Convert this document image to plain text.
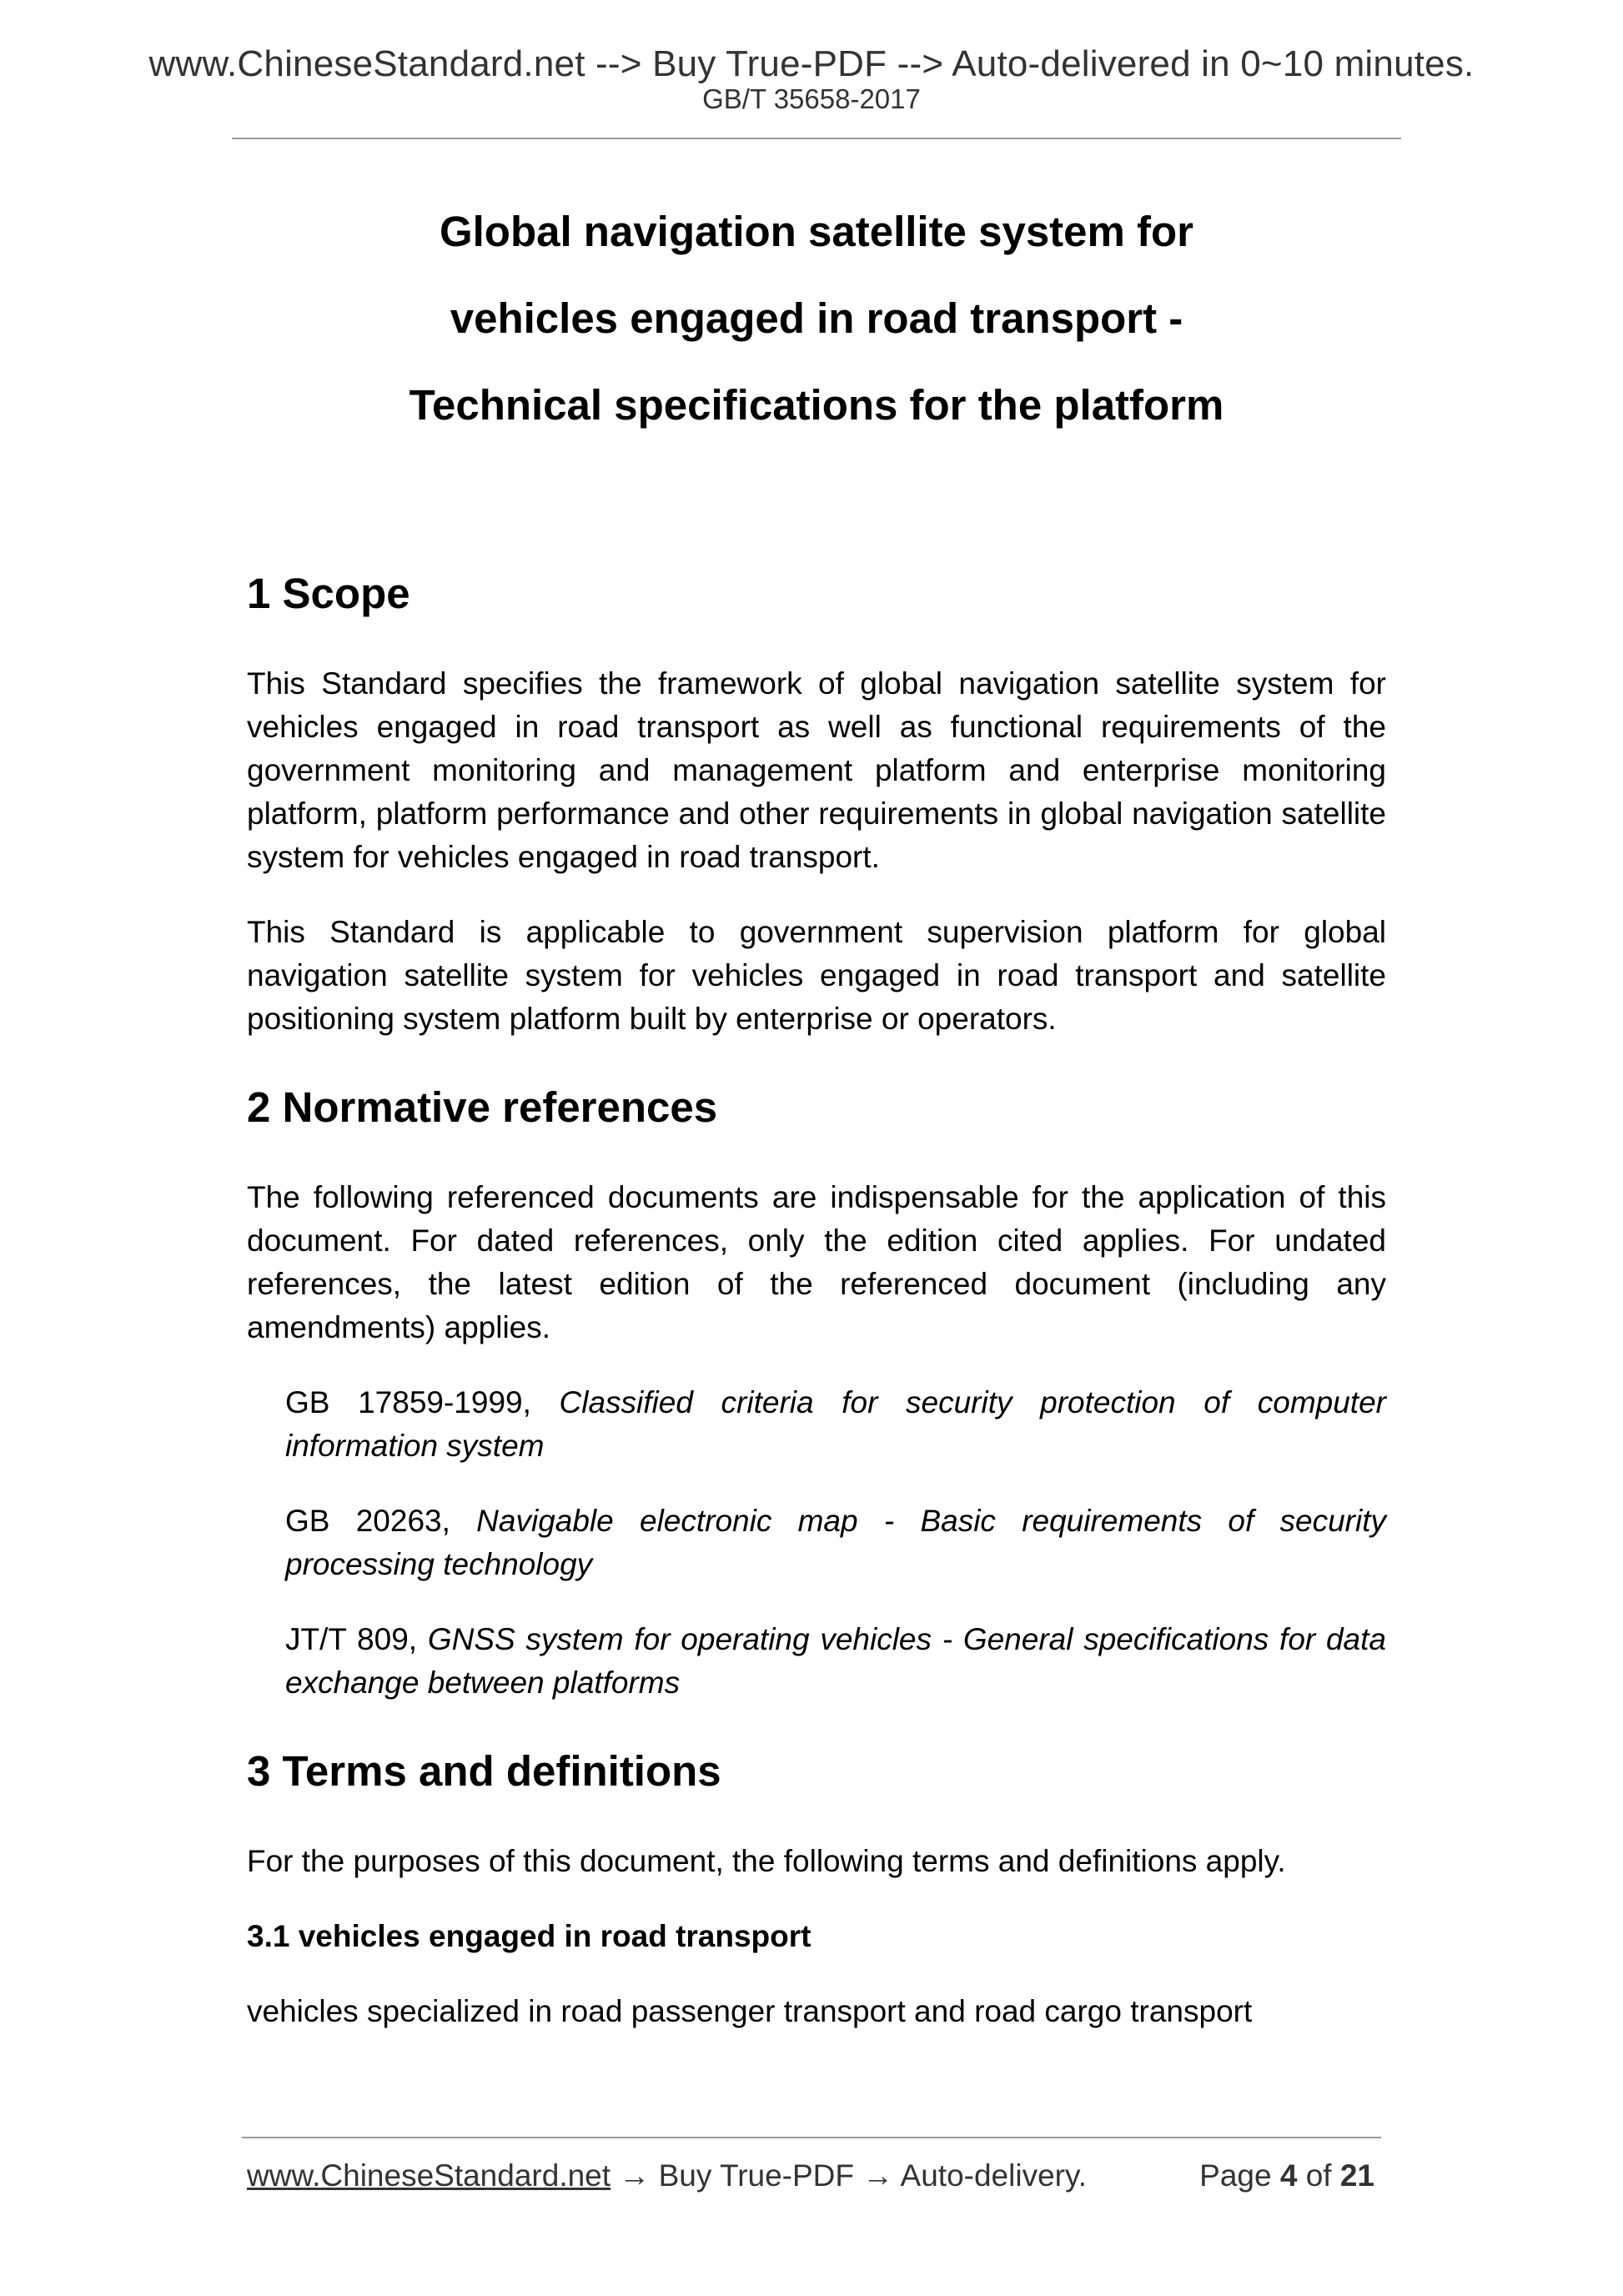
www.ChineseStandard.net --> Buy True-PDF --> Auto-delivered in 0~10 minutes.
GB/T 35658-2017
Global navigation satellite system for
vehicles engaged in road transport -
Technical specifications for the platform
1 Scope

This Standard specifies the framework of global navigation satellite system for vehicles engaged in road transport as well as functional requirements of the government monitoring and management platform and enterprise monitoring platform, platform performance and other requirements in global navigation satellite system for vehicles engaged in road transport.

This Standard is applicable to government supervision platform for global navigation satellite system for vehicles engaged in road transport and satellite positioning system platform built by enterprise or operators.

2 Normative references

The following referenced documents are indispensable for the application of this document. For dated references, only the edition cited applies. For undated references, the latest edition of the referenced document (including any amendments) applies.

GB 17859-1999, Classified criteria for security protection of computer information system

GB 20263, Navigable electronic map - Basic requirements of security processing technology

JT/T 809, GNSS system for operating vehicles - General specifications for data exchange between platforms

3 Terms and definitions

For the purposes of this document, the following terms and definitions apply.

3.1 vehicles engaged in road transport

vehicles specialized in road passenger transport and road cargo transport

www.ChineseStandard.net → Buy True-PDF → Auto-delivery.	Page 4 of 21
